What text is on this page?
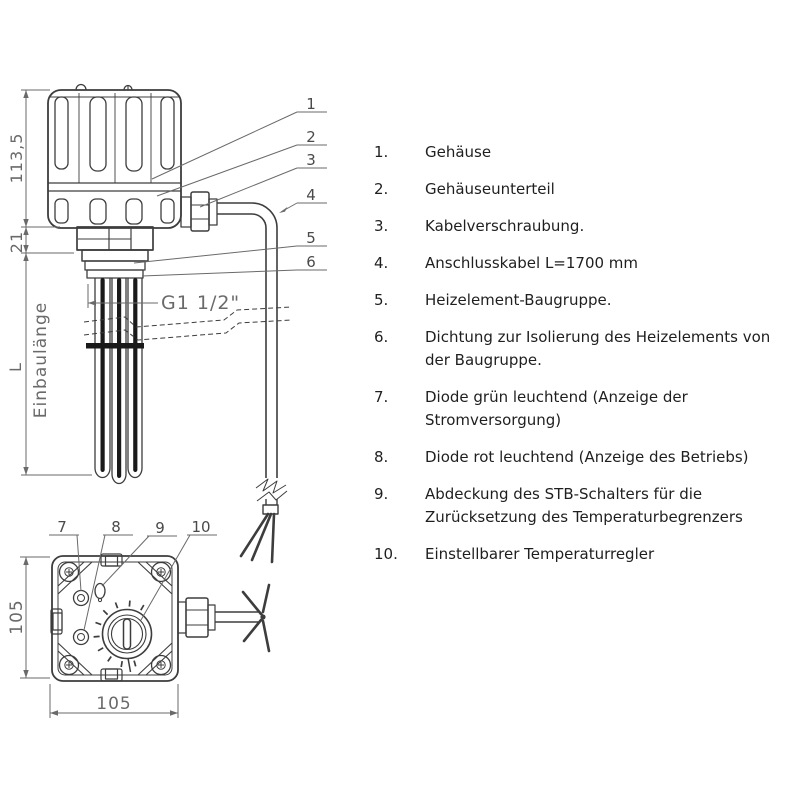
113,5
21
L Einbaulänge	G1 1/2"
1
2
3
4
5
6
7	8 9 10
105
105
1.	Gehäuse
2.	Gehäuseunterteil
3.	Kabelverschraubung.
4.	Anschlusskabel L=1700 mm
5.	Heizelement-Baugruppe.
6.	Dichtung zur Isolierung des Heizelements von der Baugruppe.
7.	Diode grün leuchtend (Anzeige der Stromversorgung)
8.	Diode rot leuchtend (Anzeige des Betriebs)
9.	Abdeckung des STB-Schalters für die Zurücksetzung des Temperaturbegrenzers
10.	Einstellbarer Temperaturregler
